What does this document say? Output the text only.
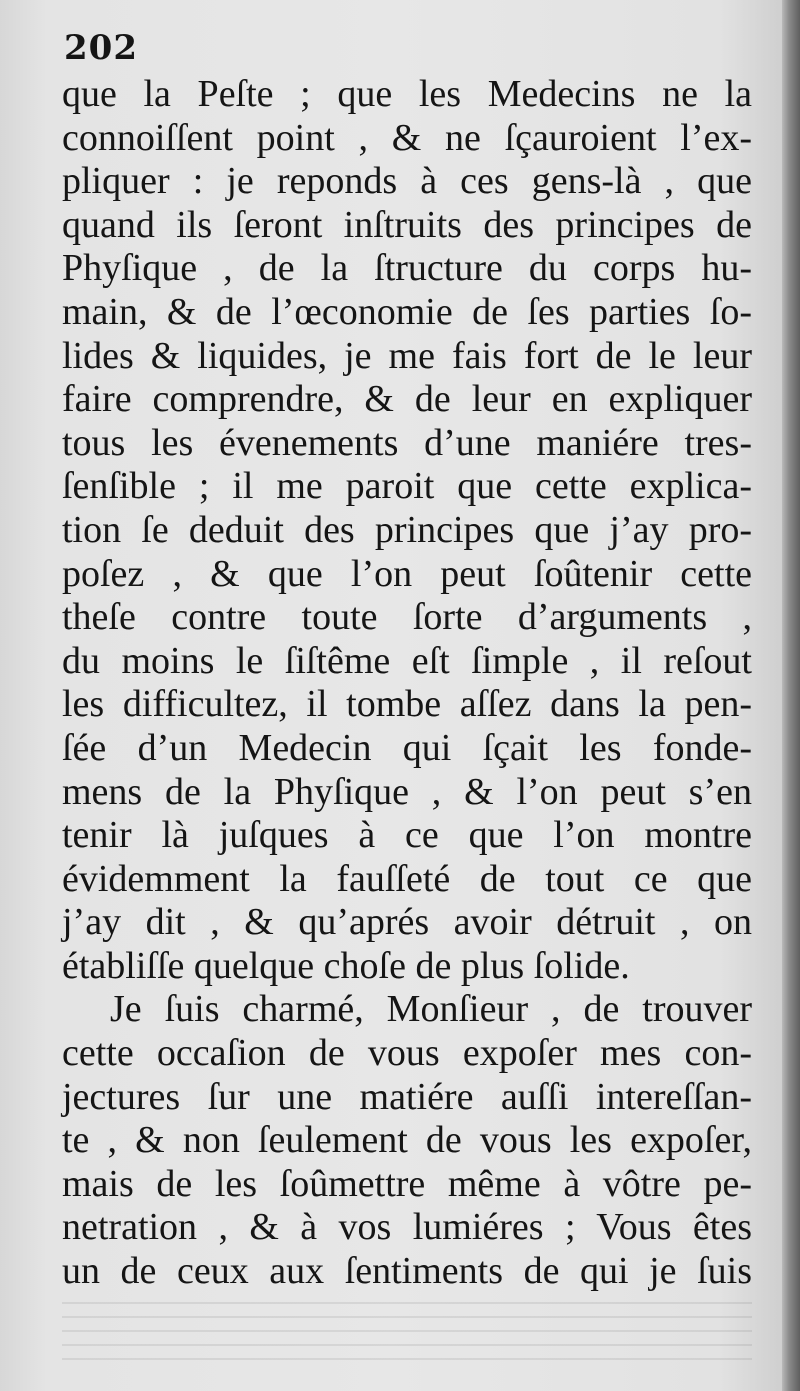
202
que la Peſte ; que les Medecins ne la
connoiſſent point , & ne ſçauroient l’ex-
pliquer : je reponds à ces gens-là , que
quand ils ſeront inſtruits des principes de
Phyſique , de la ſtructure du corps hu-
main, & de l’œconomie de ſes parties ſo-
lides & liquides, je me fais fort de le leur
faire comprendre, & de leur en expliquer
tous les évenements d’une maniére tres-
ſenſible ; il me paroit que cette explica-
tion ſe deduit des principes que j’ay pro-
poſez , & que l’on peut ſoûtenir cette
theſe contre toute ſorte d’arguments ,
du moins le ſiſtême eſt ſimple , il reſout
les difficultez, il tombe aſſez dans la pen-
ſée d’un Medecin qui ſçait les fonde-
mens de la Phyſique , & l’on peut s’en
tenir là juſques à ce que l’on montre
évidemment la fauſſeté de tout ce que
j’ay dit , & qu’aprés avoir détruit , on
établiſſe quelque choſe de plus ſolide.
Je ſuis charmé, Monſieur , de trouver
cette occaſion de vous expoſer mes con-
jectures ſur une matiére auſſi intereſſan-
te , & non ſeulement de vous les expoſer,
mais de les ſoûmettre même à vôtre pe-
netration , & à vos lumiéres ; Vous êtes
un de ceux aux ſentiments de qui je ſuis
